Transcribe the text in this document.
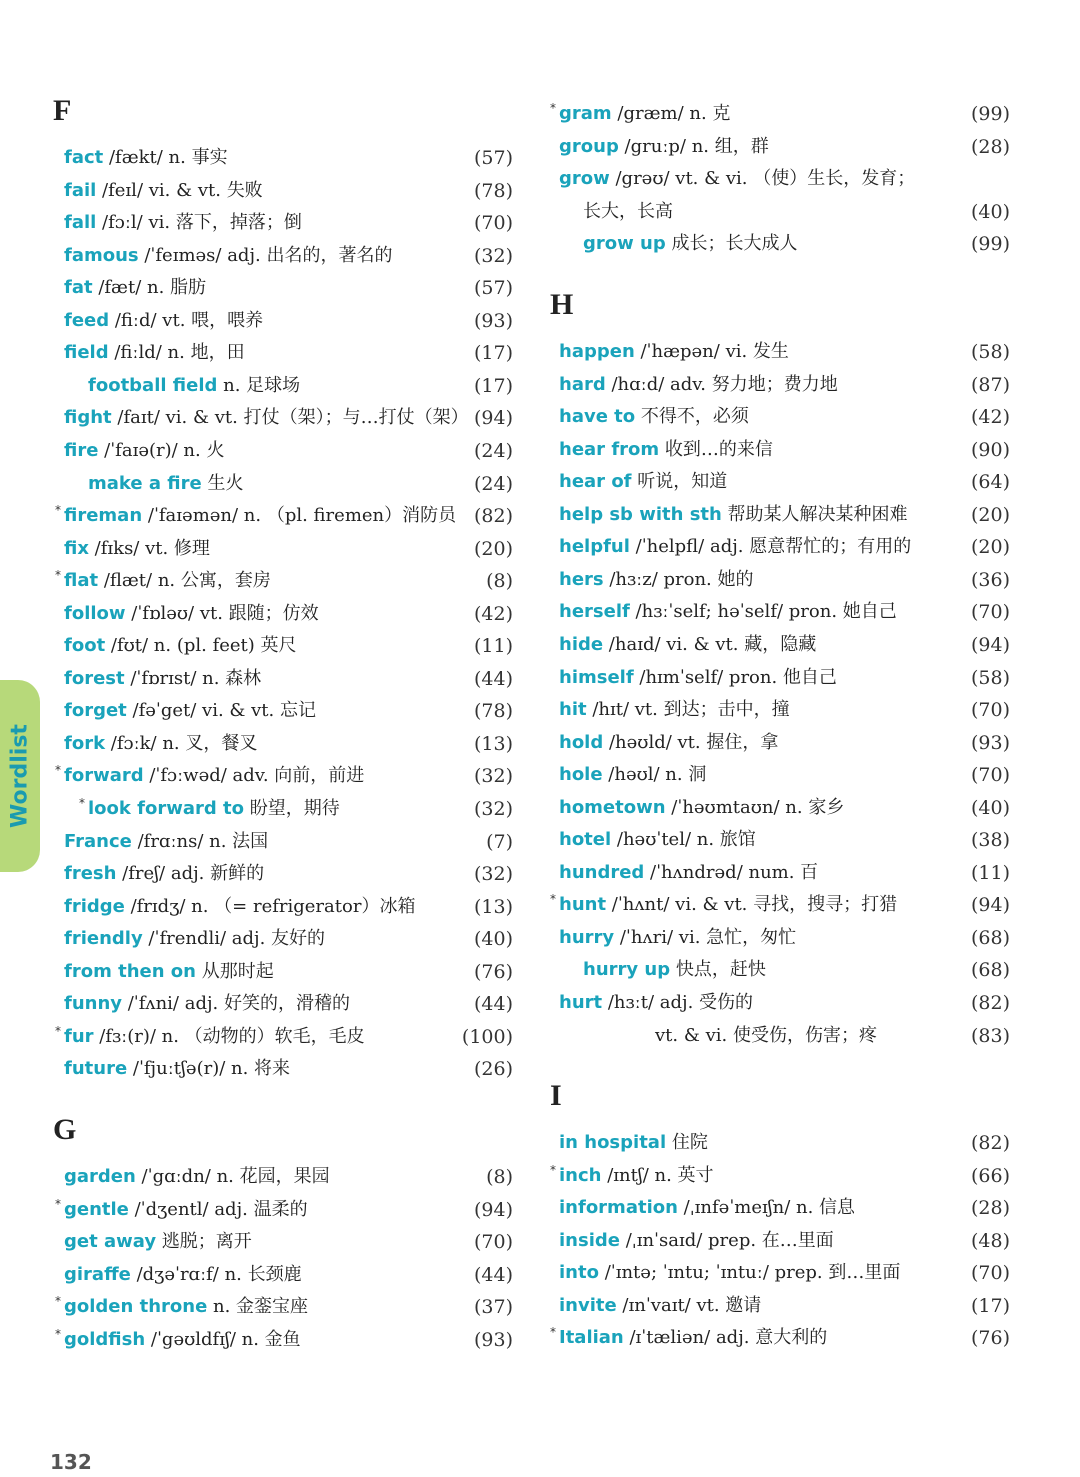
Wordlist
F
fact /fækt/ n. 事实	(57)
fail /feɪl/ vi. & vt. 失败	(78)
fall /fɔːl/ vi. 落下，掉落；倒	(70)
famous /ˈfeɪməs/ adj. 出名的，著名的	(32)
fat /fæt/ n. 脂肪	(57)
feed /fiːd/ vt. 喂，喂养	(93)
field /fiːld/ n. 地，田	(17)
football field n. 足球场	(17)
fight /faɪt/ vi. & vt. 打仗（架）；与…打仗（架） (94)
fire /ˈfaɪə(r)/ n. 火	(24)
make a fire 生火	(24)
* fireman /ˈfaɪəmən/ n. （pl. firemen）消防员 (82)
fix /fɪks/ vt. 修理	(20)
* flat /flæt/ n. 公寓，套房	(8)
follow /ˈfɒləʊ/ vt. 跟随；仿效	(42)
foot /fʊt/ n. (pl. feet) 英尺	(11)
forest /ˈfɒrɪst/ n. 森林	(44)
forget /fəˈget/ vi. & vt. 忘记	(78)
fork /fɔːk/ n. 叉，餐叉	(13)
* forward /ˈfɔːwəd/ adv. 向前，前进	(32)
* look forward to 盼望，期待	(32)
France /frɑːns/ n. 法国	(7)
fresh /freʃ/ adj. 新鲜的	(32)
fridge /frɪdʒ/ n. （= refrigerator）冰箱	(13)
friendly /ˈfrendli/ adj. 友好的	(40)
from then on 从那时起	(76)
funny /ˈfʌni/ adj. 好笑的，滑稽的	(44)
* fur /fɜː(r)/ n. （动物的）软毛，毛皮	(100)
future /ˈfjuːtʃə(r)/ n. 将来	(26)
G
garden /ˈgɑːdn/ n. 花园，果园	(8)
* gentle /ˈdʒentl/ adj. 温柔的	(94)
get away 逃脱；离开	(70)
giraffe /dʒəˈrɑːf/ n. 长颈鹿	(44)
* golden throne n. 金銮宝座	(37)
* goldfish /ˈgəʊldfɪʃ/ n. 金鱼	(93)
* gram /græm/ n. 克	(99)
group /gruːp/ n. 组，群	(28)
grow /grəʊ/ vt. & vi. （使）生长，发育；
长大，长高	(40)
grow up 成长；长大成人	(99)
H
happen /ˈhæpən/ vi. 发生	(58)
hard /hɑːd/ adv. 努力地；费力地	(87)
have to 不得不，必须	(42)
hear from 收到…的来信	(90)
hear of 听说，知道	(64)
help sb with sth 帮助某人解决某种困难	(20)
helpful /ˈhelpfl/ adj. 愿意帮忙的；有用的	(20)
hers /hɜːz/ pron. 她的	(36)
herself /hɜːˈself; həˈself/ pron. 她自己	(70)
hide /haɪd/ vi. & vt. 藏，隐藏	(94)
himself /hɪmˈself/ pron. 他自己	(58)
hit /hɪt/ vt. 到达；击中，撞	(70)
hold /həʊld/ vt. 握住，拿	(93)
hole /həʊl/ n. 洞	(70)
hometown /ˈhəʊmtaʊn/ n. 家乡	(40)
hotel /həʊˈtel/ n. 旅馆	(38)
hundred /ˈhʌndrəd/ num. 百	(11)
* hunt /ˈhʌnt/ vi. & vt. 寻找，搜寻；打猎	(94)
hurry /ˈhʌri/ vi. 急忙，匆忙	(68)
hurry up 快点，赶快	(68)
hurt /hɜːt/ adj. 受伤的	(82)
vt. & vi. 使受伤，伤害；疼	(83)
I
in hospital 住院	(82)
* inch /ɪntʃ/ n. 英寸	(66)
information /ˌɪnfəˈmeɪʃn/ n. 信息	(28)
inside /ˌɪnˈsaɪd/ prep. 在…里面	(48)
into /ˈɪntə; ˈɪntu; ˈɪntuː/ prep. 到…里面	(70)
invite /ɪnˈvaɪt/ vt. 邀请	(17)
* Italian /ɪˈtæliən/ adj. 意大利的	(76)
132
